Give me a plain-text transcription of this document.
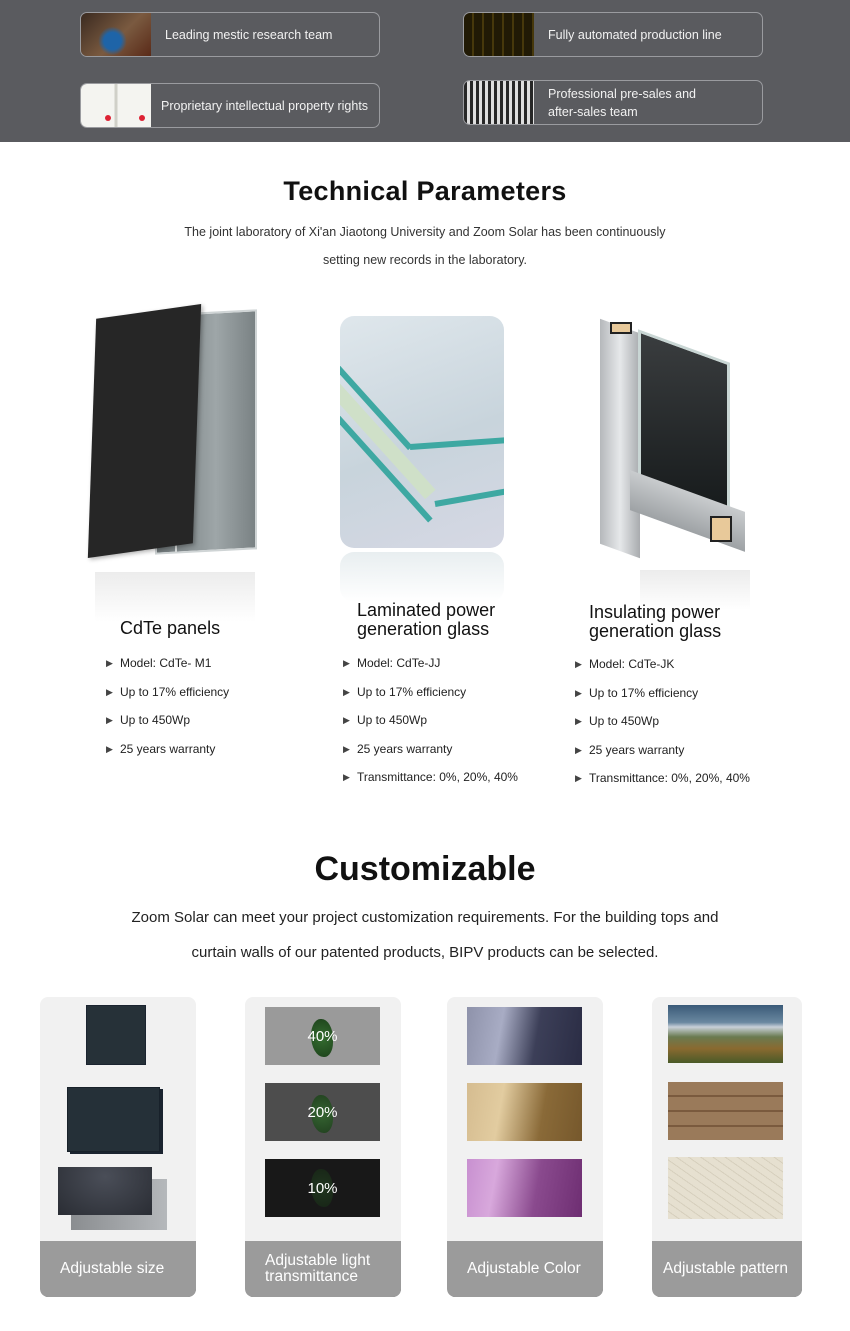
Leading mestic research team	Fully automated production line
Proprietary intellectual property rights
Professional pre-sales and after-sales team
Technical Parameters
The joint laboratory of Xi'an Jiaotong University and Zoom Solar has been continuously
setting new records in the laboratory.
CdTe panels
▶ Model: CdTe- M1
▶ Up to 17% efficiency
▶ Up to 450Wp
▶ 25 years warranty
Laminated power
generation glass
▶ Model: CdTe-JJ
▶ Up to 17% efficiency
▶ Up to 450Wp
▶ 25 years warranty
▶ Transmittance: 0%, 20%, 40%
Insulating power
generation glass
▶ Model: CdTe-JK
▶ Up to 17% efficiency
▶ Up to 450Wp
▶ 25 years warranty
▶ Transmittance: 0%, 20%, 40%
Customizable
Zoom Solar can meet your project customization requirements. For the building tops and
curtain walls of our patented products, BIPV products can be selected.
Adjustable size
40%
20%
10%
Adjustable light
transmittance	Adjustable Color	Adjustable pattern
